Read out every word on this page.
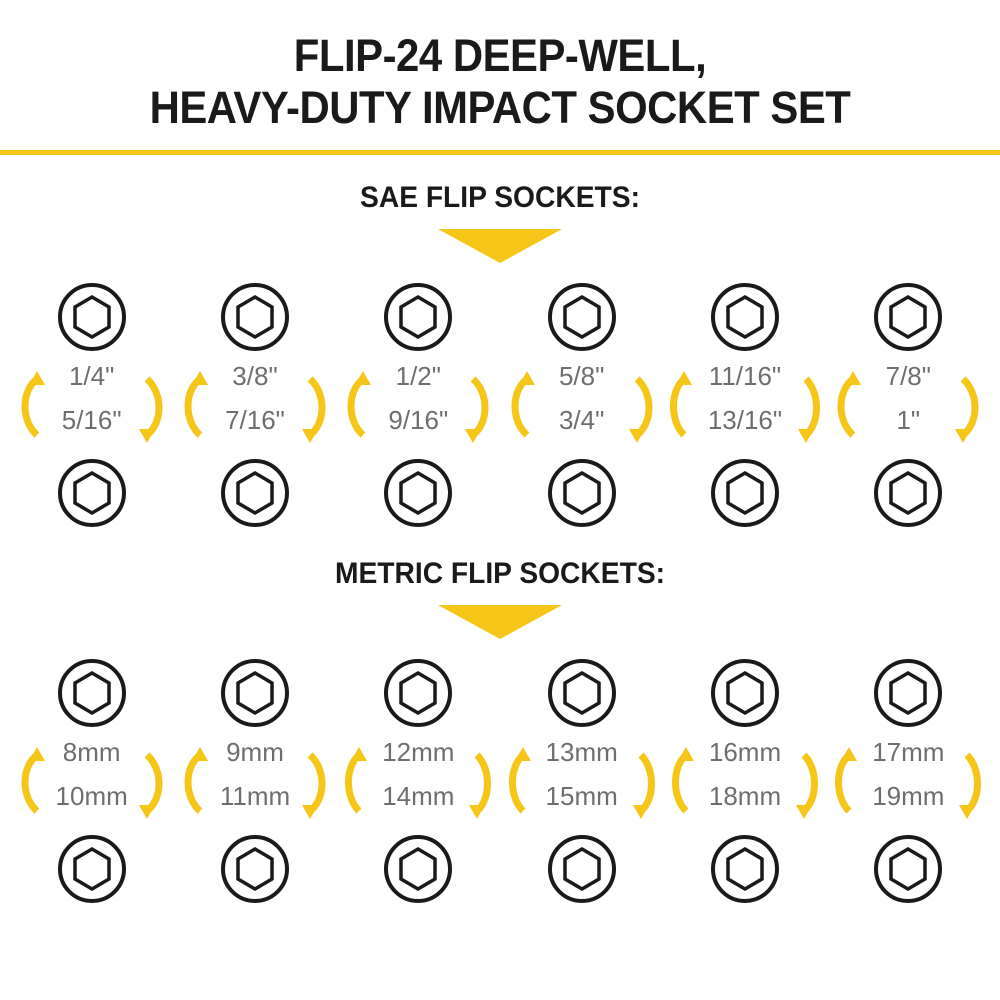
FLIP-24 DEEP-WELL,
HEAVY-DUTY IMPACT SOCKET SET
SAE FLIP SOCKETS:
1/4"
5/16"
3/8"
7/16"
1/2"
9/16"
5/8"
3/4"
11/16"
13/16"
7/8"
1"
METRIC FLIP SOCKETS:
8mm
10mm
9mm
11mm
12mm
14mm
13mm
15mm
16mm
18mm
17mm
19mm
